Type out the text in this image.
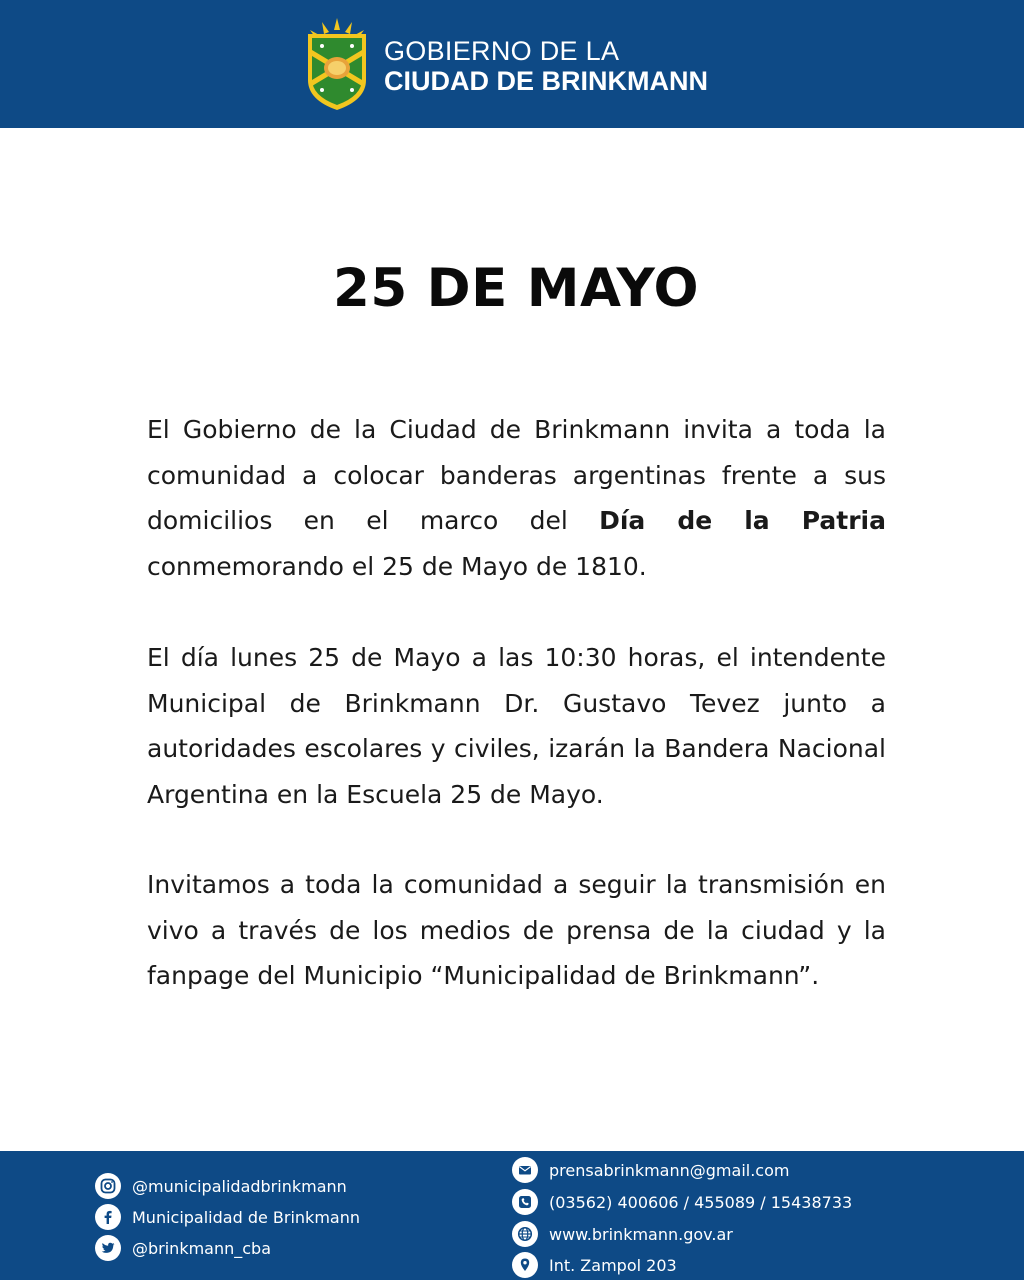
GOBIERNO DE LA
CIUDAD DE BRINKMANN
25 DE MAYO
El Gobierno de la Ciudad de Brinkmann invita a toda la comunidad a colocar banderas argentinas frente a sus domicilios en el marco del Día de la Patria conmemorando el 25 de Mayo de 1810.
El día lunes 25 de Mayo a las 10:30 horas, el intendente Municipal de Brinkmann Dr. Gustavo Tevez junto a autoridades escolares y civiles, izarán la Bandera Nacional Argentina en la Escuela 25 de Mayo.
Invitamos a toda la comunidad a seguir la transmisión en vivo a través de los medios de prensa de la ciudad y la fanpage del Municipio “Municipalidad de Brinkmann”.
@municipalidadbrinkmann
Municipalidad de Brinkmann
@brinkmann_cba
prensabrinkmann@gmail.com
(03562) 400606 / 455089 / 15438733
www.brinkmann.gov.ar
Int. Zampol 203
